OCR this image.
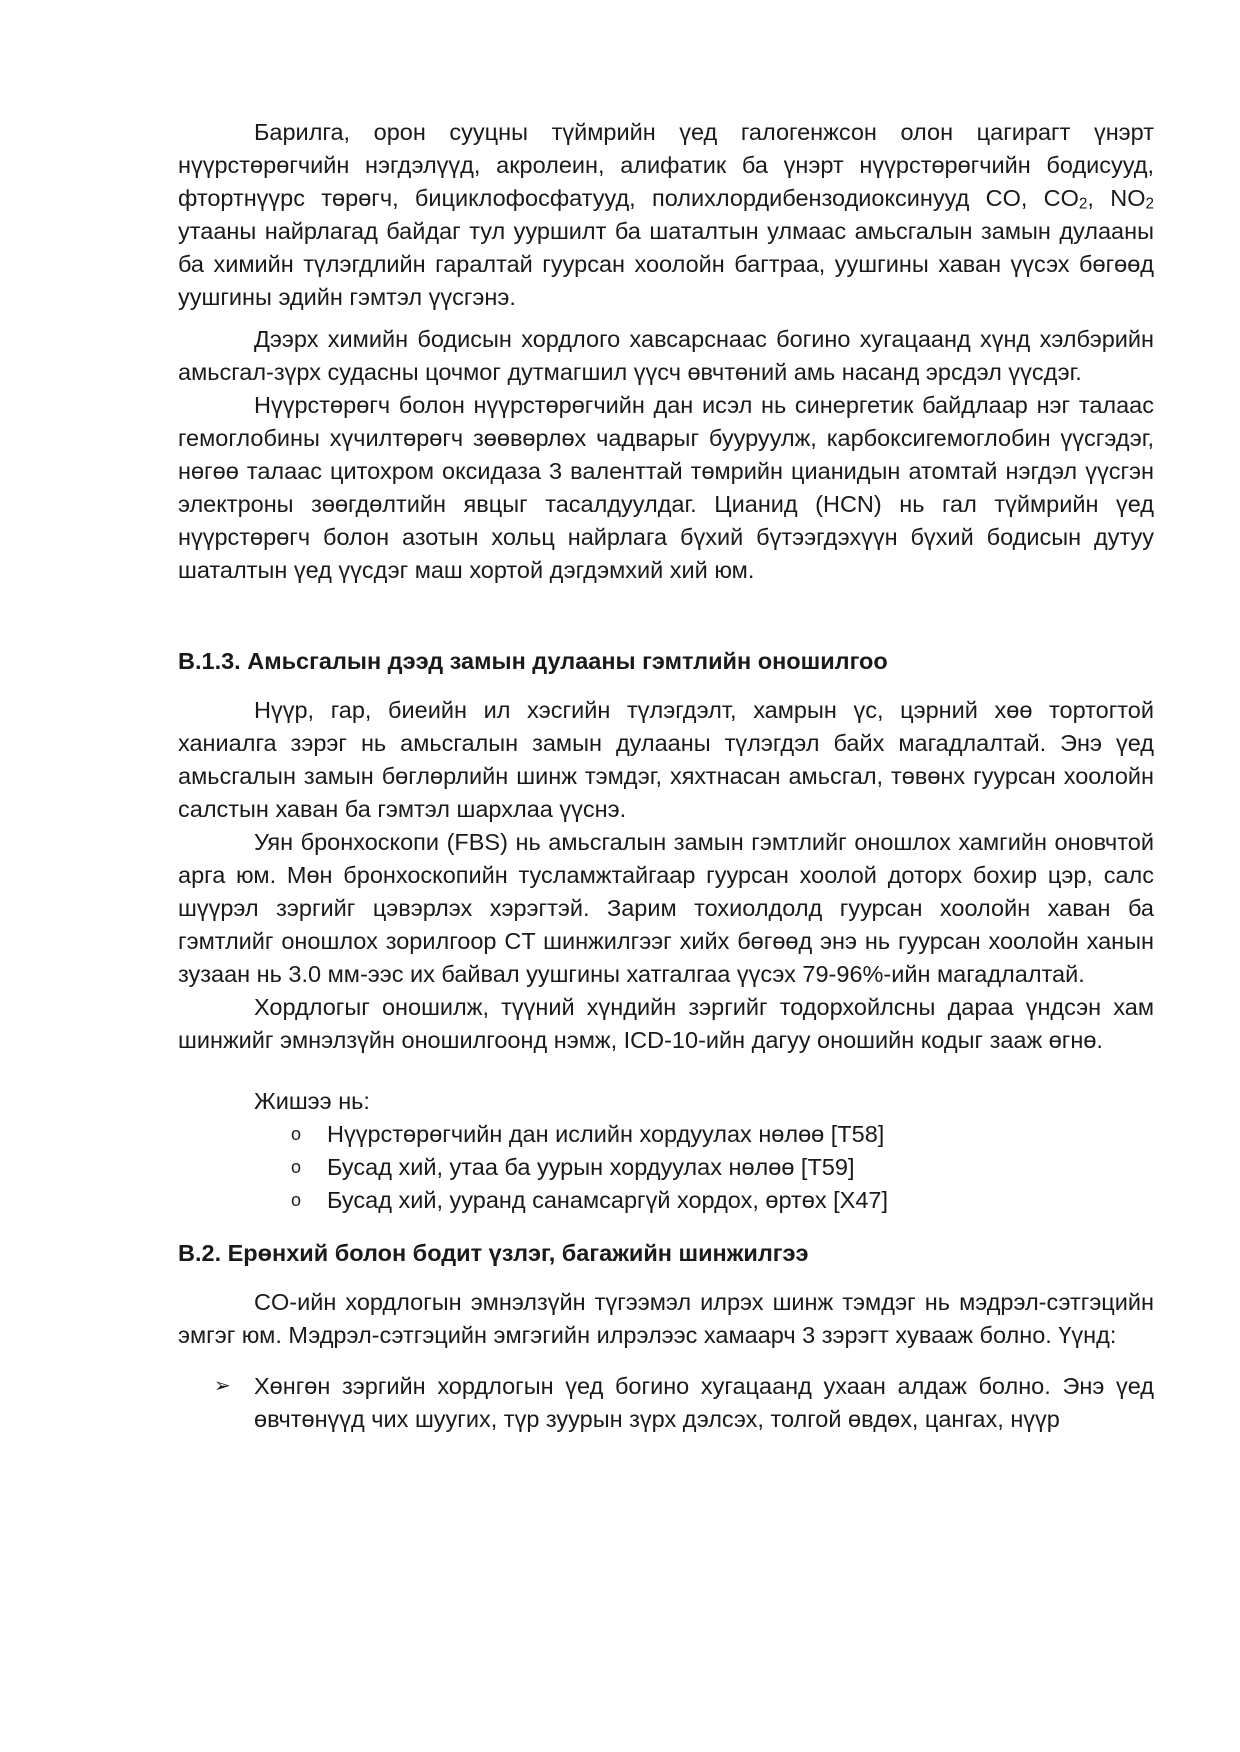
Барилга, орон сууцны түймрийн үед галогенжсон олон цагирагт үнэрт нүүрстөрөгчийн нэгдэлүүд, акролеин, алифатик ба үнэрт нүүрстөрөгчийн бодисууд, фтортнүүрс төрөгч, бициклофосфатууд, полихлордибензодиоксинууд CO, $CO_2$, $NO_2$ утааны найрлагад байдаг тул ууршилт ба шаталтын улмаас амьсгалын замын дулааны ба химийн түлэгдлийн гаралтай гуурсан хоолойн багтраа, уушгины хаван үүсэх бөгөөд уушгины эдийн гэмтэл үүсгэнэ.

Дээрх химийн бодисын хордлого хавсарснаас богино хугацаанд хүнд хэлбэрийн амьсгал-зүрх судасны цочмог дутмагшил үүсч өвчтөний амь насанд эрсдэл үүсдэг.

Нүүрстөрөгч болон нүүрстөрөгчийн дан исэл нь синергетик байдлаар нэг талаас гемоглобины хүчилтөрөгч зөөвөрлөх чадварыг бууруулж, карбоксигемоглобин үүсгэдэг, нөгөө талаас цитохром оксидаза 3 валенттай төмрийн цианидын атомтай нэгдэл үүсгэн электроны зөөгдөлтийн явцыг тасалдуулдаг. Цианид (HCN) нь гал түймрийн үед нүүрстөрөгч болон азотын хольц найрлага бүхий бүтээгдэхүүн бүхий бодисын дутуу шаталтын үед үүсдэг маш хортой дэгдэмхий хий юм.

B.1.3. Амьсгалын дээд замын дулааны гэмтлийн оношилгоо

Нүүр, гар, биеийн ил хэсгийн түлэгдэлт, хамрын үс, цэрний хөө тортогтой ханиалга зэрэг нь амьсгалын замын дулааны түлэгдэл байх магадлалтай. Энэ үед амьсгалын замын бөглөрлийн шинж тэмдэг, хяхтнасан амьсгал, төвөнх гуурсан хоолойн салстын хаван ба гэмтэл шархлаа үүснэ.

Уян бронхоскопи (FBS) нь амьсгалын замын гэмтлийг оношлох хамгийн оновчтой арга юм. Мөн бронхоскопийн тусламжтайгаар гуурсан хоолой доторх бохир цэр, салс шүүрэл зэргийг цэвэрлэх хэрэгтэй. Зарим тохиолдолд гуурсан хоолойн хаван ба гэмтлийг оношлох зорилгоор CT шинжилгээг хийх бөгөөд энэ нь гуурсан хоолойн ханын зузаан нь 3.0 мм-ээс их байвал уушгины хатгалгаа үүсэх 79-96%-ийн магадлалтай.

Хордлогыг оношилж, түүний хүндийн зэргийг тодорхойлсны дараа үндсэн хам шинжийг эмнэлзүйн оношилгоонд нэмж, ICD-10-ийн дагуу оношийн кодыг зааж өгнө.

Жишээ нь:

o Нүүрстөрөгчийн дан ислийн хордуулах нөлөө [T58]
o Бусад хий, утаа ба уурын хордуулах нөлөө [T59]
o Бусад хий, ууранд санамсаргүй хордох, өртөх [X47]
B.2. Ерөнхий болон бодит үзлэг, багажийн шинжилгээ

CO-ийн хордлогын эмнэлзүйн түгээмэл илрэх шинж тэмдэг нь мэдрэл-сэтгэцийн эмгэг юм. Мэдрэл-сэтгэцийн эмгэгийн илрэлээс хамаарч 3 зэрэгт хувааж болно. Үүнд:

➢ Хөнгөн зэргийн хордлогын үед богино хугацаанд ухаан алдаж болно. Энэ үед өвчтөнүүд чих шуугих, түр зуурын зүрх дэлсэх, толгой өвдөх, цангах, нүүр
